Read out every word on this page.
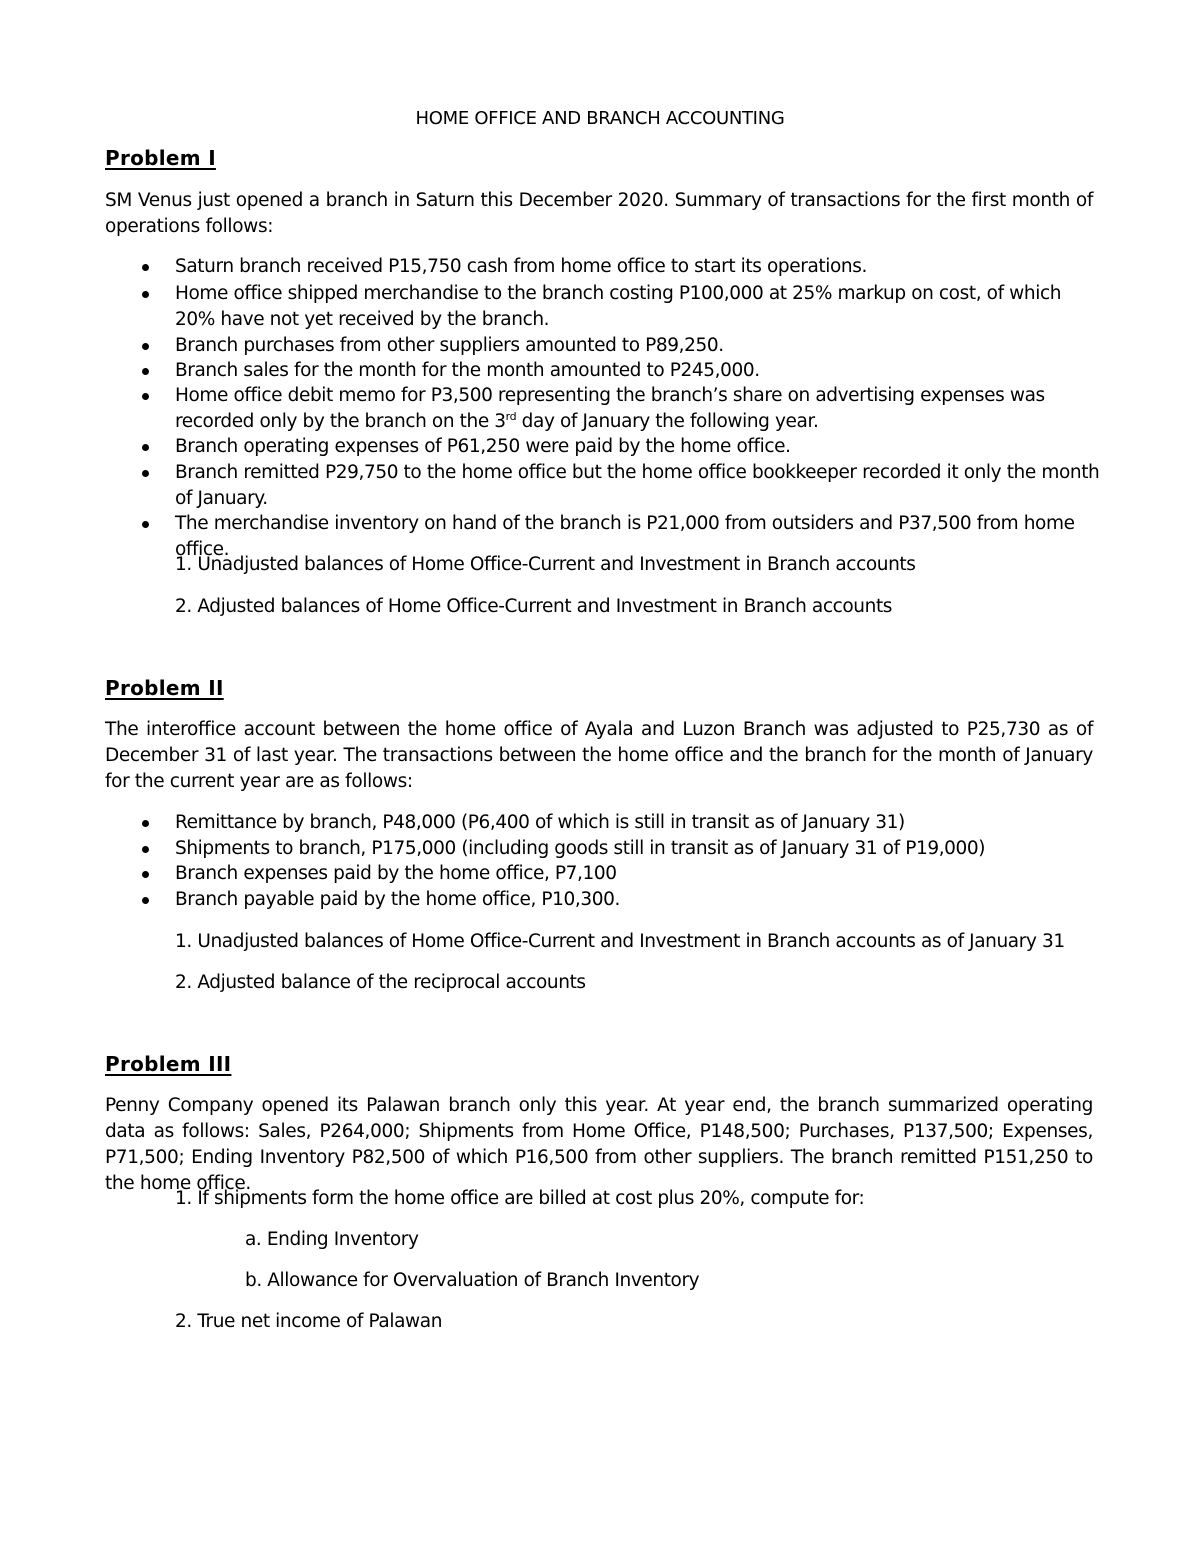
HOME OFFICE AND BRANCH ACCOUNTING
Problem I
SM Venus just opened a branch in Saturn this December 2020. Summary of transactions for the first month of operations follows:
Saturn branch received P15,750 cash from home office to start its operations.
Home office shipped merchandise to the branch costing P100,000 at 25% markup on cost, of which 20% have not yet received by the branch.
Branch purchases from other suppliers amounted to P89,250.
Branch sales for the month for the month amounted to P245,000.
Home office debit memo for P3,500 representing the branch’s share on advertising expenses was recorded only by the branch on the 3rd day of January the following year.
Branch operating expenses of P61,250 were paid by the home office.
Branch remitted P29,750 to the home office but the home office bookkeeper recorded it only the month of January.
The merchandise inventory on hand of the branch is P21,000 from outsiders and P37,500 from home office.
1. Unadjusted balances of Home Office-Current and Investment in Branch accounts
2. Adjusted balances of Home Office-Current and Investment in Branch accounts
Problem II
The interoffice account between the home office of Ayala and Luzon Branch was adjusted to P25,730 as of December 31 of last year. The transactions between the home office and the branch for the month of January for the current year are as follows:
Remittance by branch, P48,000 (P6,400 of which is still in transit as of January 31)
Shipments to branch, P175,000 (including goods still in transit as of January 31 of P19,000)
Branch expenses paid by the home office, P7,100
Branch payable paid by the home office, P10,300.
1. Unadjusted balances of Home Office-Current and Investment in Branch accounts as of January 31
2. Adjusted balance of the reciprocal accounts
Problem III
Penny Company opened its Palawan branch only this year. At year end, the branch summarized operating data as follows: Sales, P264,000; Shipments from Home Office, P148,500; Purchases, P137,500; Expenses, P71,500; Ending Inventory P82,500 of which P16,500 from other suppliers. The branch remitted P151,250 to the home office.
1. If shipments form the home office are billed at cost plus 20%, compute for:
a. Ending Inventory
b. Allowance for Overvaluation of Branch Inventory
2. True net income of Palawan
